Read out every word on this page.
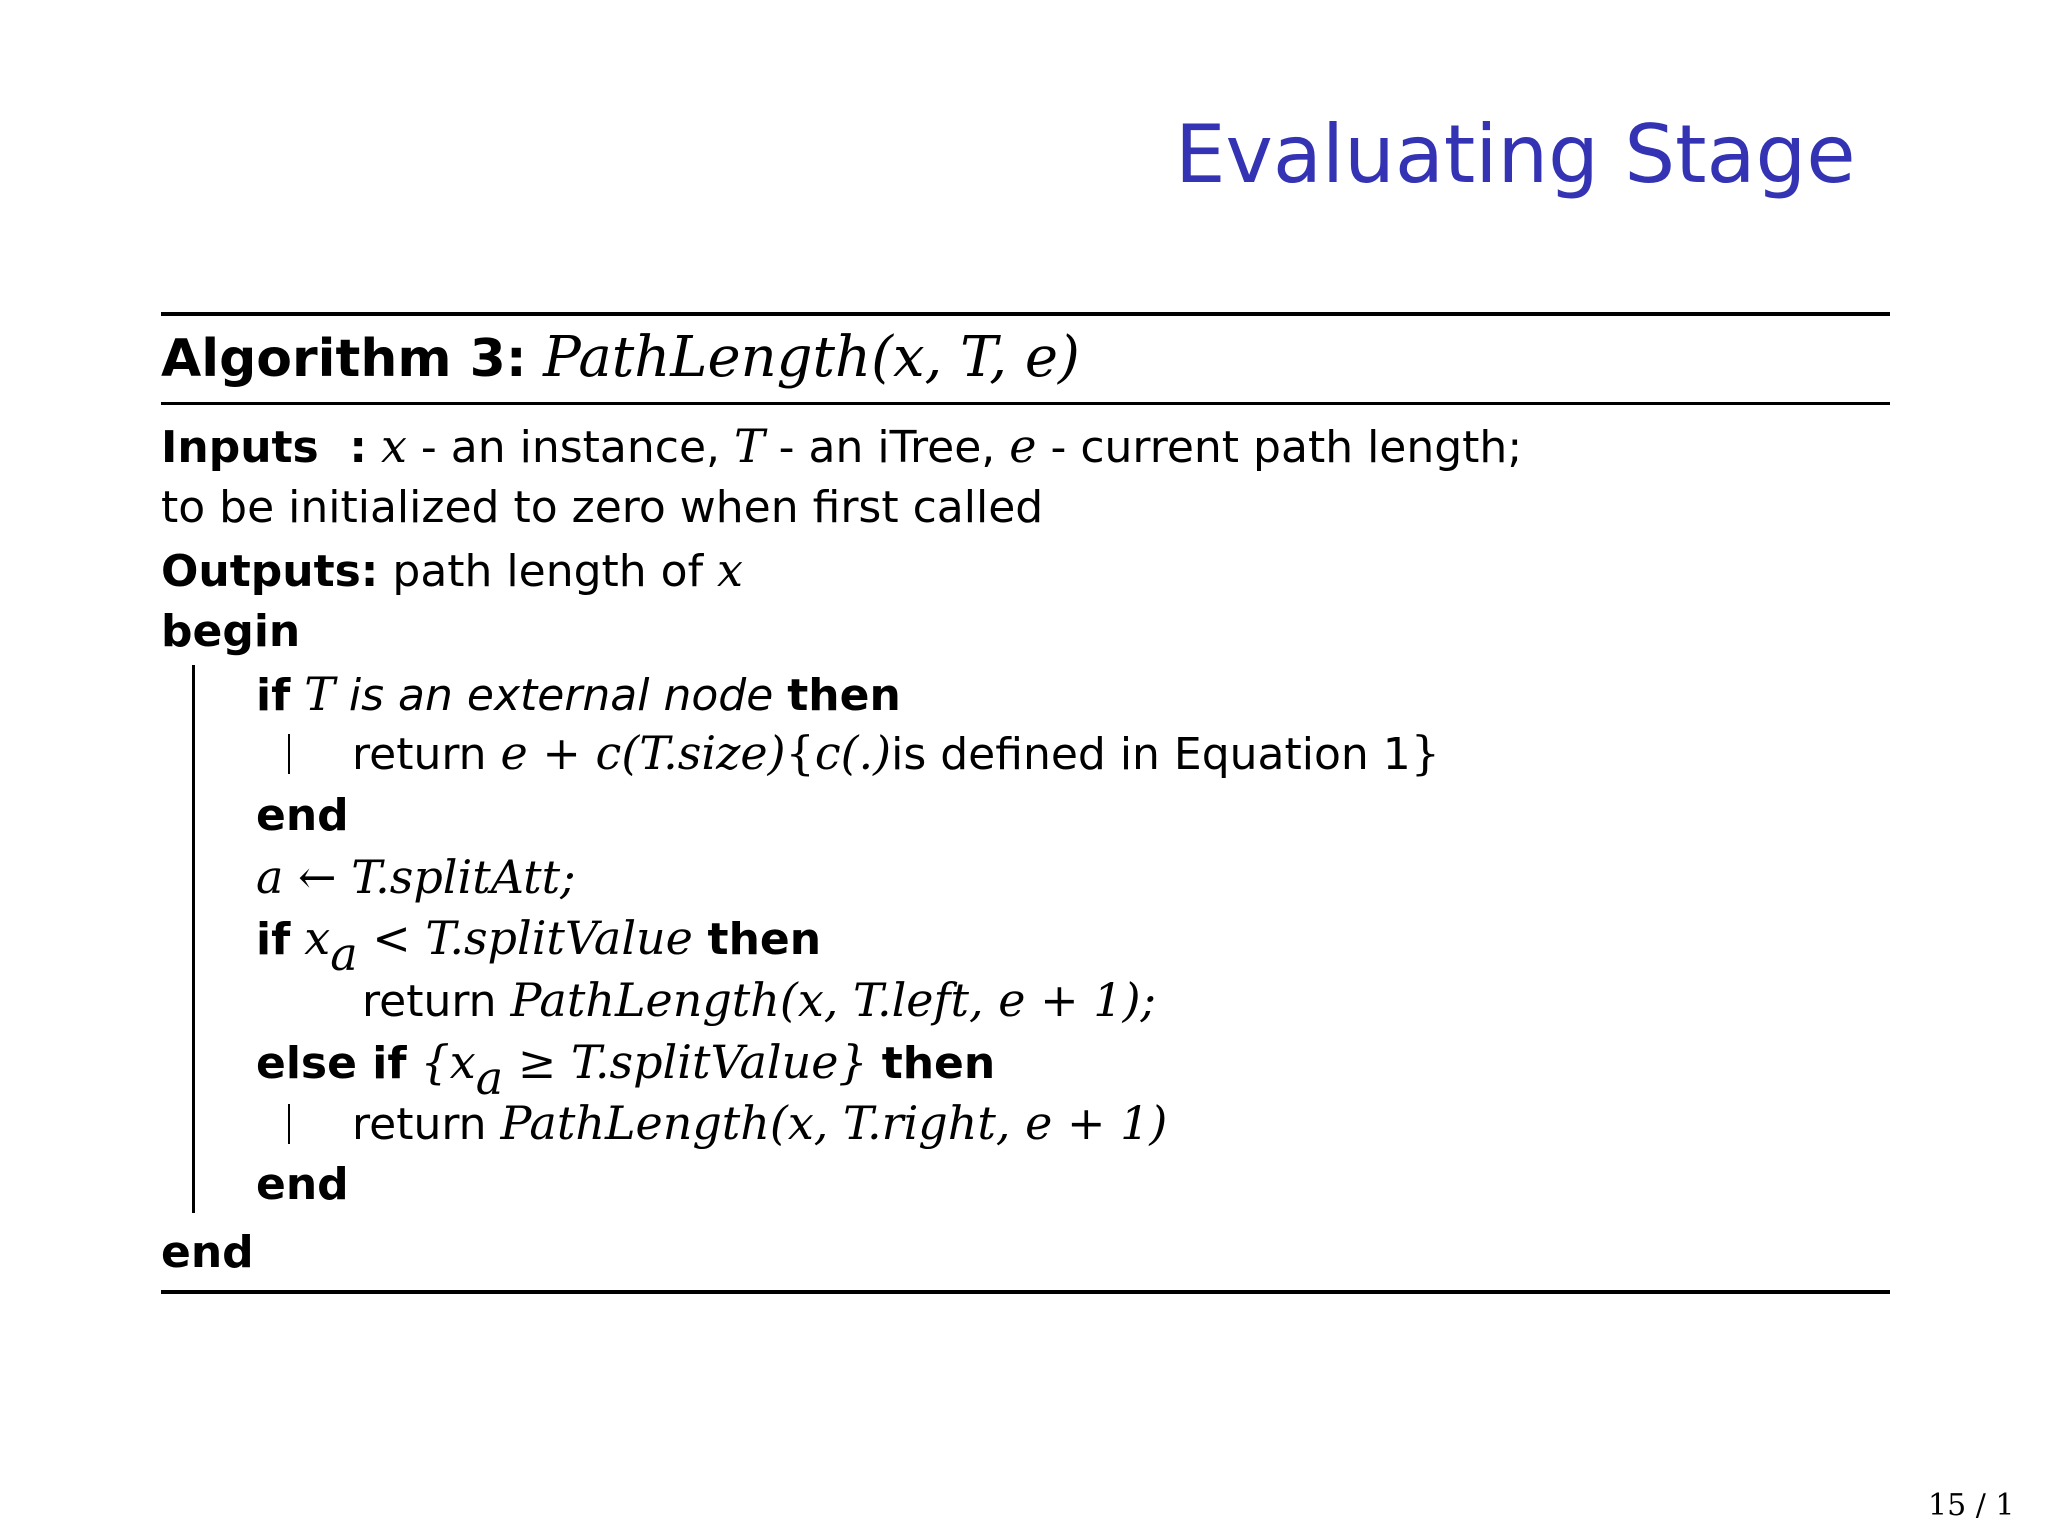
Evaluating Stage
Algorithm 3: PathLength(x, T, e)
Inputs  : x - an instance, T - an iTree, e - current path length;
to be initialized to zero when first called
Outputs: path length of x
begin
if T is an external node then
return e + c(T.size){c(.)is defined in Equation 1}
end
a ← T.splitAtt;
if $x_a$ < T.splitValue then
return PathLength(x, T.left, e + 1);
else if {$x_a$ ≥ T.splitValue} then
return PathLength(x, T.right, e + 1)
end
end
15 / 1
